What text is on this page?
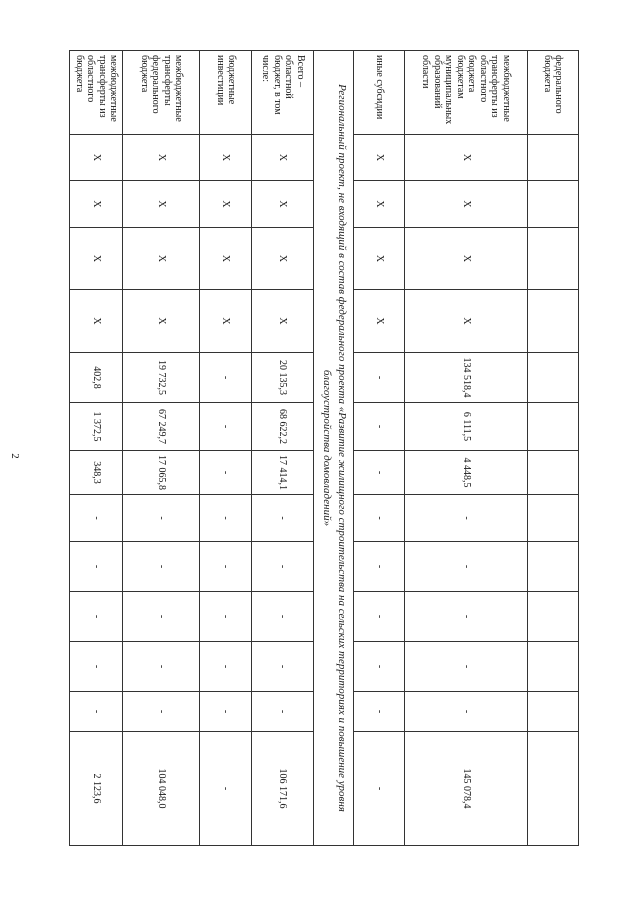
2
федерального бюджета													
межбюджетные трансферты из областного бюджета бюджетам муниципальных образований области	Х	Х	Х	Х	134 518,4	6 111,5	4 448,5	-	-	-	-	-	145 078,4
иные субсидии	Х	Х	Х	Х	-	-	-	-	-	-	-	-	-
Региональный проект, не входящий в состав федерального проекта «Развитие жилищного строительства на сельских территориях и повышение уровня благоустройства домовладений»													
Всего – областной бюджет, в том числе:	Х	Х	Х	Х	20 135,3	68 622,2	17 414,1	-	-	-	-	-	106 171,6
бюджетные инвестиции	Х	Х	Х	Х	-	-	-	-	-	-	-	-	-
межбюджетные трансферты федерального бюджета	Х	Х	Х	Х	19 732,5	67 249,7	17 065,8	-	-	-	-	-	104 048,0
межбюджетные трансферты из областного бюджета	Х	Х	Х	Х	402,8	1 372,5	348,3	-	-	-	-	-	2 123,6
